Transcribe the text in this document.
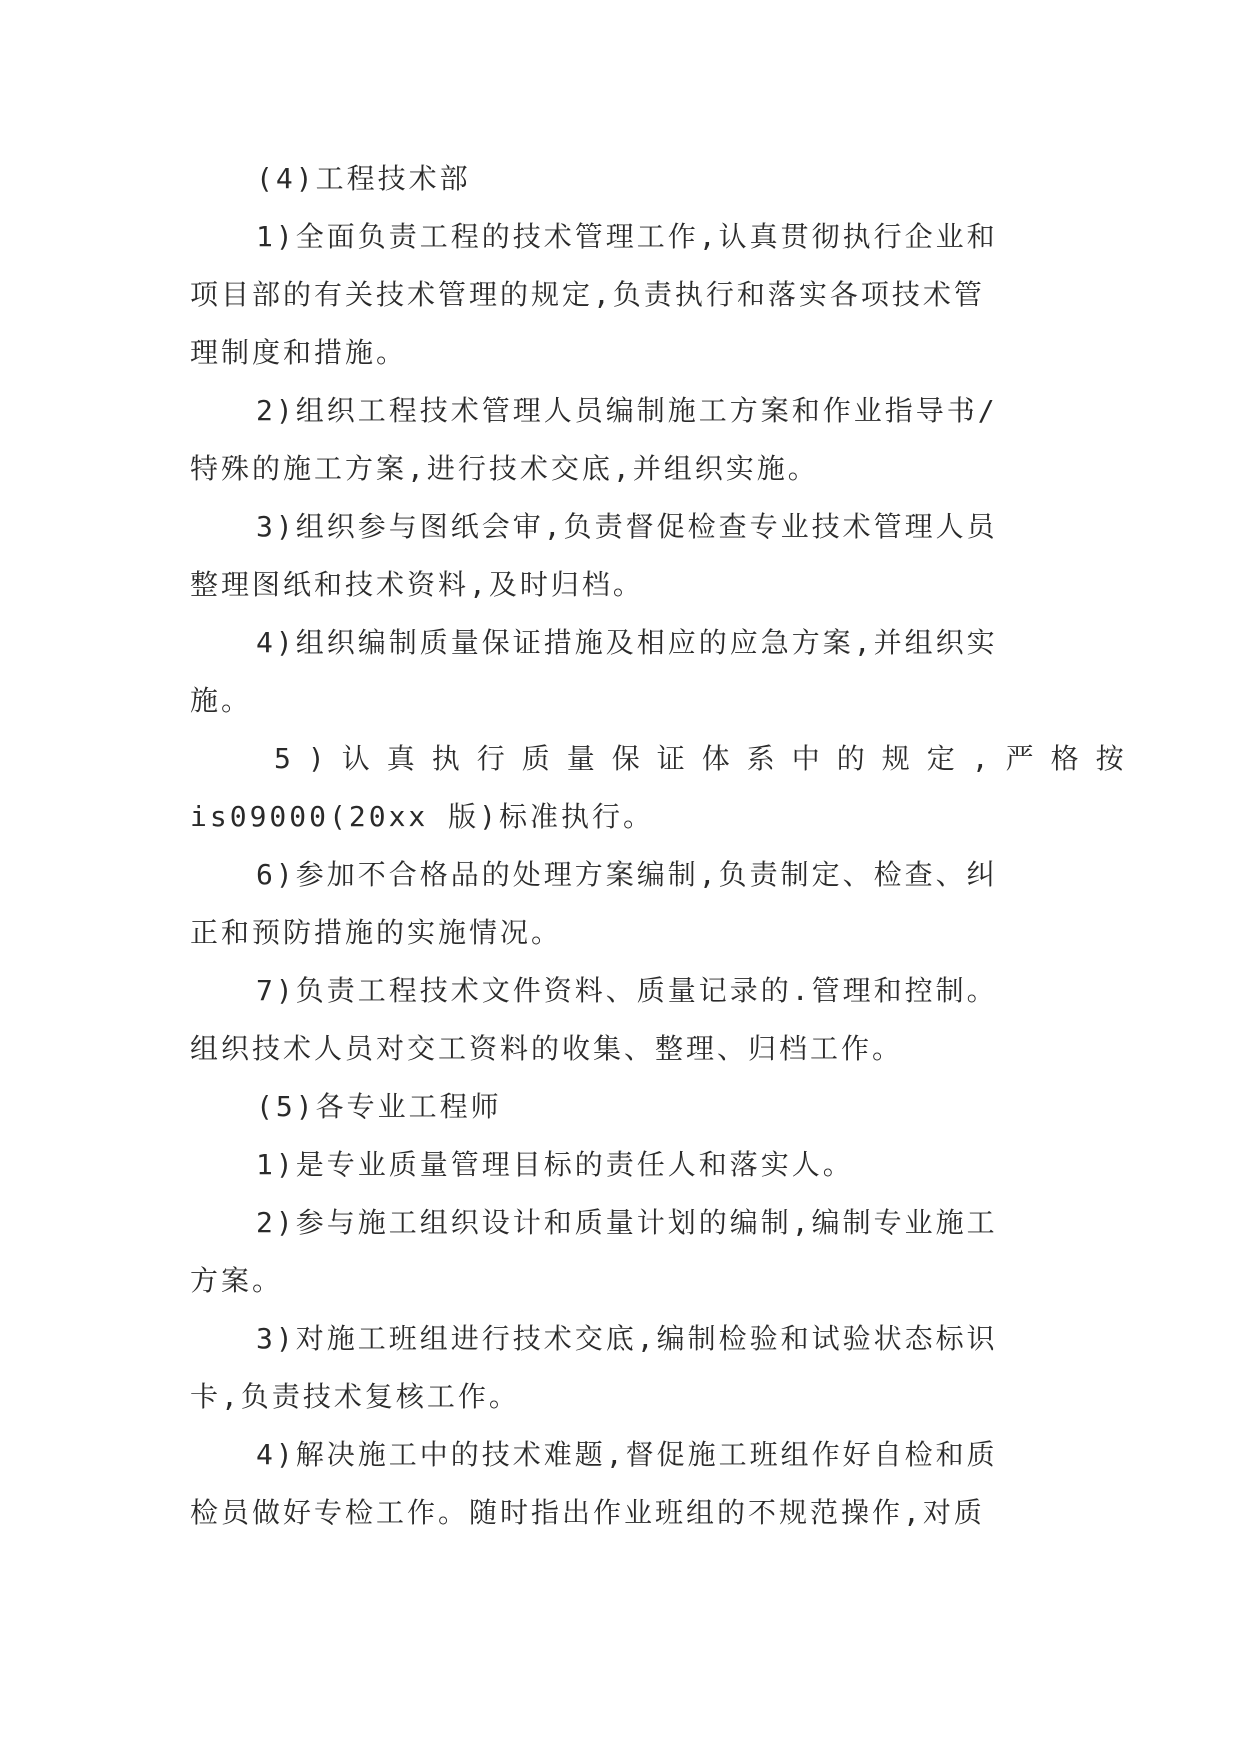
(4)工程技术部
1)全面负责工程的技术管理工作,认真贯彻执行企业和
项目部的有关技术管理的规定,负责执行和落实各项技术管
理制度和措施。
2)组织工程技术管理人员编制施工方案和作业指导书/
特殊的施工方案,进行技术交底,并组织实施。
3)组织参与图纸会审,负责督促检查专业技术管理人员
整理图纸和技术资料,及时归档。
4)组织编制质量保证措施及相应的应急方案,并组织实
施。
5)认真执行质量保证体系中的规定,严格按
is09000(20xx 版)标准执行。
6)参加不合格品的处理方案编制,负责制定、检查、纠
正和预防措施的实施情况。
7)负责工程技术文件资料、质量记录的.管理和控制。
组织技术人员对交工资料的收集、整理、归档工作。
(5)各专业工程师
1)是专业质量管理目标的责任人和落实人。
2)参与施工组织设计和质量计划的编制,编制专业施工
方案。
3)对施工班组进行技术交底,编制检验和试验状态标识
卡,负责技术复核工作。
4)解决施工中的技术难题,督促施工班组作好自检和质
检员做好专检工作。随时指出作业班组的不规范操作,对质
